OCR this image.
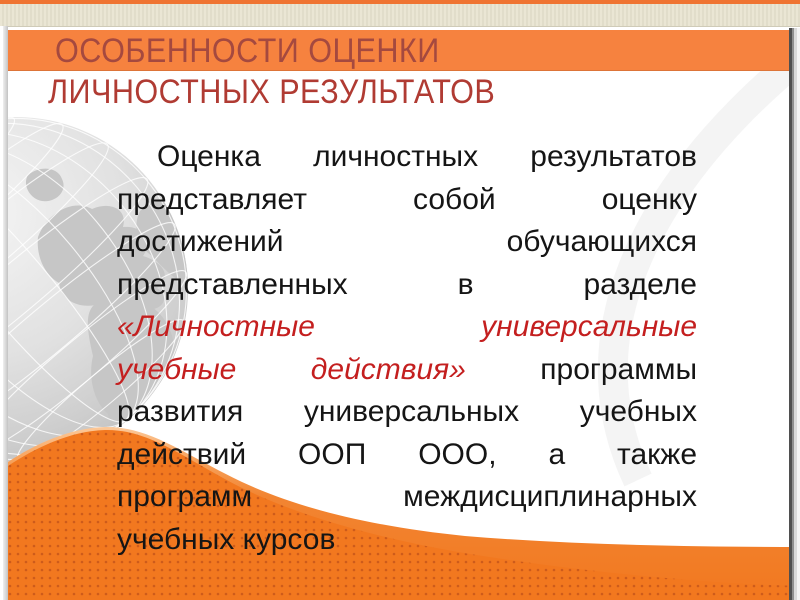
ОСОБЕННОСТИ ОЦЕНКИ
ЛИЧНОСТНЫХ РЕЗУЛЬТАТОВ
Оценка личностных результатов
представляет собой оценку
достижений обучающихся
представленных в разделе
«Личностные универсальные
учебные действия» программы
развития универсальных учебных
действий ООП ООО, а также
программ междисциплинарных
учебных курсов
